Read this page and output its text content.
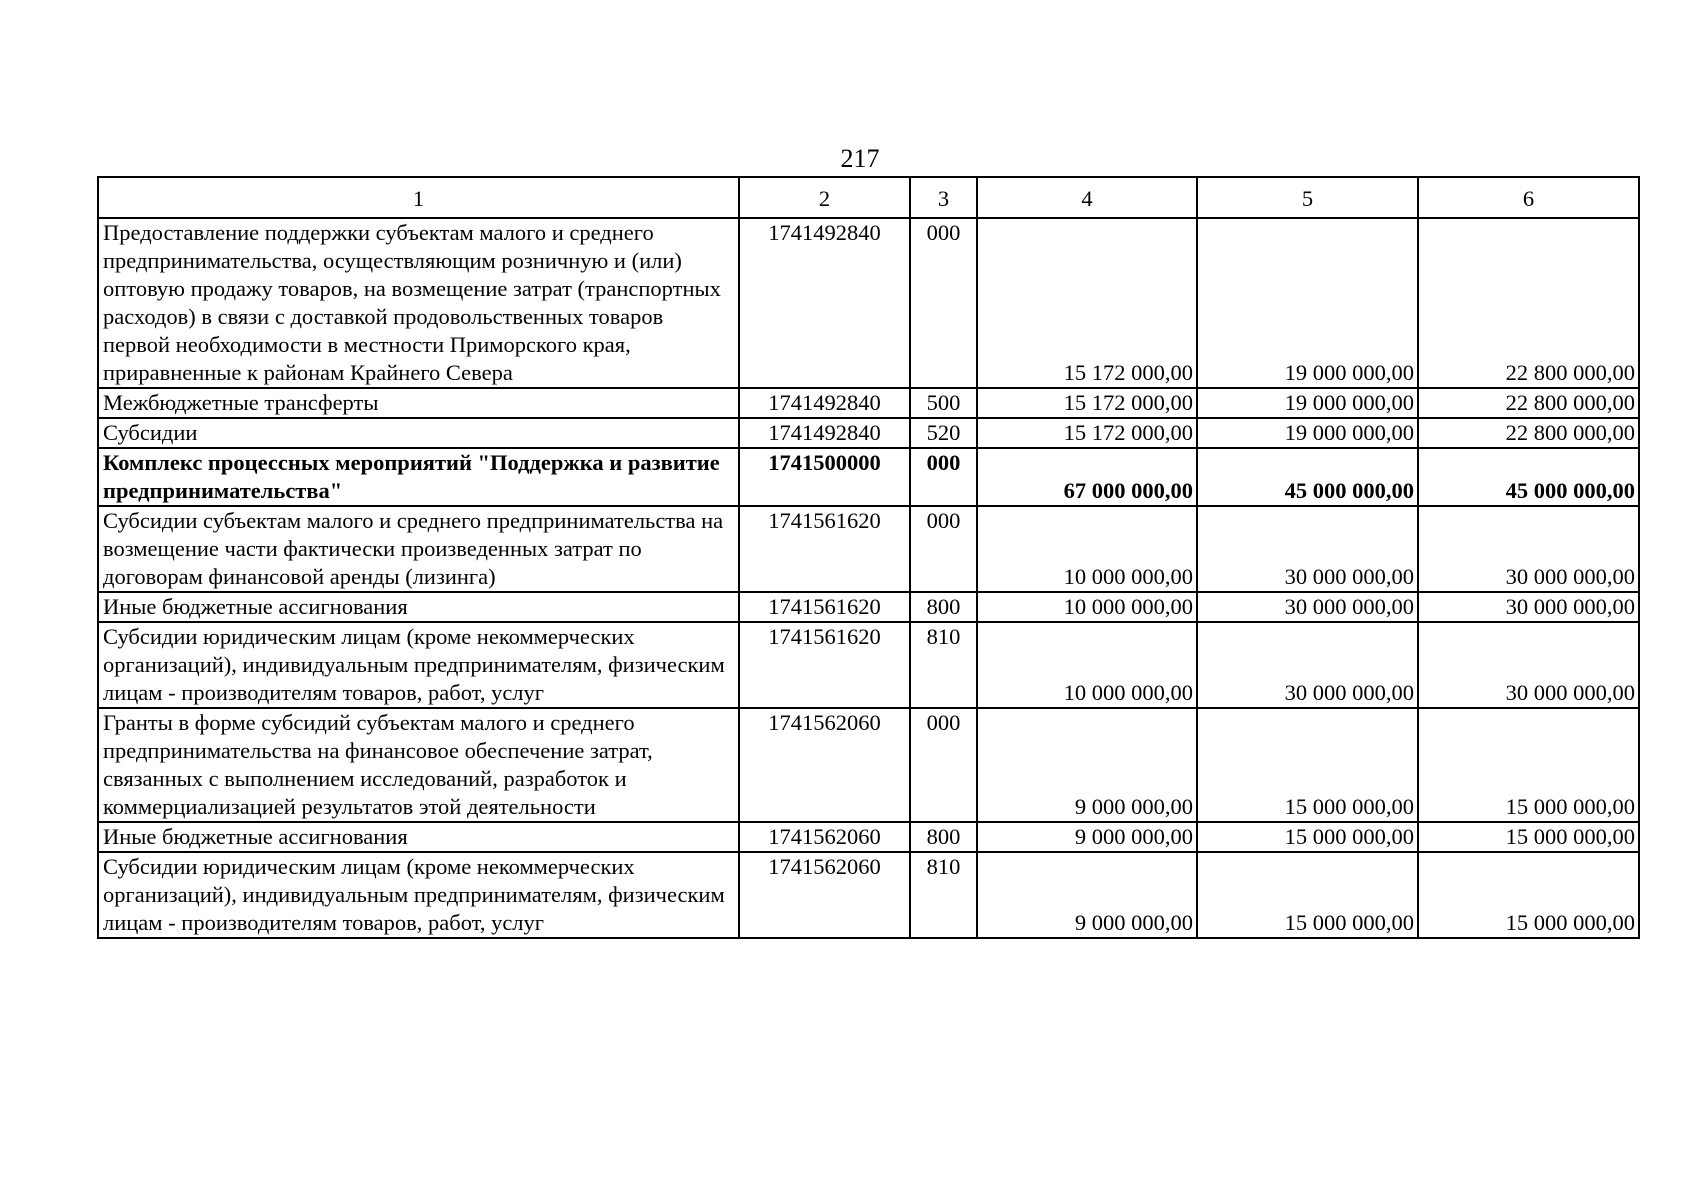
217
1	2	3	4	5	6
Предоставление поддержки субъектам малого и среднего предпринимательства, осуществляющим розничную и (или) оптовую продажу товаров, на возмещение затрат (транспортных расходов) в связи с доставкой продовольственных товаров первой необходимости в местности Приморского края, приравненные к районам Крайнего Севера	1741492840	000	15 172 000,00	19 000 000,00	22 800 000,00
Межбюджетные трансферты	1741492840	500	15 172 000,00	19 000 000,00	22 800 000,00
Субсидии	1741492840	520	15 172 000,00	19 000 000,00	22 800 000,00
Комплекс процессных мероприятий "Поддержка и развитие предпринимательства"	1741500000	000	67 000 000,00	45 000 000,00	45 000 000,00
Субсидии субъектам малого и среднего предпринимательства на возмещение части фактически произведенных затрат по договорам финансовой аренды (лизинга)	1741561620	000	10 000 000,00	30 000 000,00	30 000 000,00
Иные бюджетные ассигнования	1741561620	800	10 000 000,00	30 000 000,00	30 000 000,00
Субсидии юридическим лицам (кроме некоммерческих организаций), индивидуальным предпринимателям, физическим лицам - производителям товаров, работ, услуг	1741561620	810	10 000 000,00	30 000 000,00	30 000 000,00
Гранты в форме субсидий субъектам малого и среднего предпринимательства на финансовое обеспечение затрат, связанных с выполнением исследований, разработок и коммерциализацией результатов этой деятельности	1741562060	000	9 000 000,00	15 000 000,00	15 000 000,00
Иные бюджетные ассигнования	1741562060	800	9 000 000,00	15 000 000,00	15 000 000,00
Субсидии юридическим лицам (кроме некоммерческих организаций), индивидуальным предпринимателям, физическим лицам - производителям товаров, работ, услуг	1741562060	810	9 000 000,00	15 000 000,00	15 000 000,00
